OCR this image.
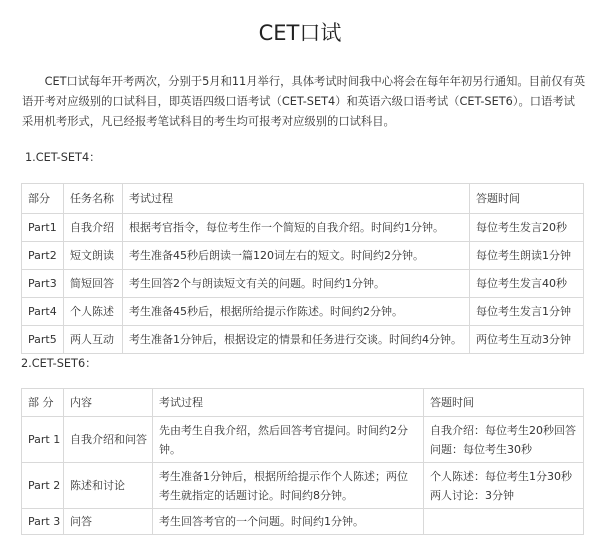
CET口试

CET口试每年开考两次，分别于5月和11月举行，具体考试时间我中心将会在每年年初另行通知。目前仅有英语开考对应级别的口试科目，即英语四级口语考试（CET-SET4）和英语六级口语考试（CET-SET6）。口语考试采用机考形式，凡已经报考笔试科目的考生均可报考对应级别的口试科目。

1.CET-SET4：
部分	任务名称	考试过程	答题时间
Part1	自我介绍	根据考官指令，每位考生作一个简短的自我介绍。时间约1分钟。	每位考生发言20秒
Part2	短文朗读	考生准备45秒后朗读一篇120词左右的短文。时间约2分钟。	每位考生朗读1分钟
Part3	简短回答	考生回答2个与朗读短文有关的问题。时间约1分钟。	每位考生发言40秒
Part4	个人陈述	考生准备45秒后，根据所给提示作陈述。时间约2分钟。	每位考生发言1分钟
Part5	两人互动	考生准备1分钟后，根据设定的情景和任务进行交谈。时间约4分钟。	两位考生互动3分钟
2.CET-SET6：
部 分	内容	考试过程	答题时间
Part 1	自我介绍和问答	先由考生自我介绍，然后回答考官提问。时间约2分钟。	自我介绍：每位考生20秒回答问题：每位考生30秒
Part 2	陈述和讨论	考生准备1分钟后，根据所给提示作个人陈述；两位考生就指定的话题讨论。时间约8分钟。	个人陈述：每位考生1分30秒两人讨论：3分钟
Part 3	问答	考生回答考官的一个问题。时间约1分钟。	
